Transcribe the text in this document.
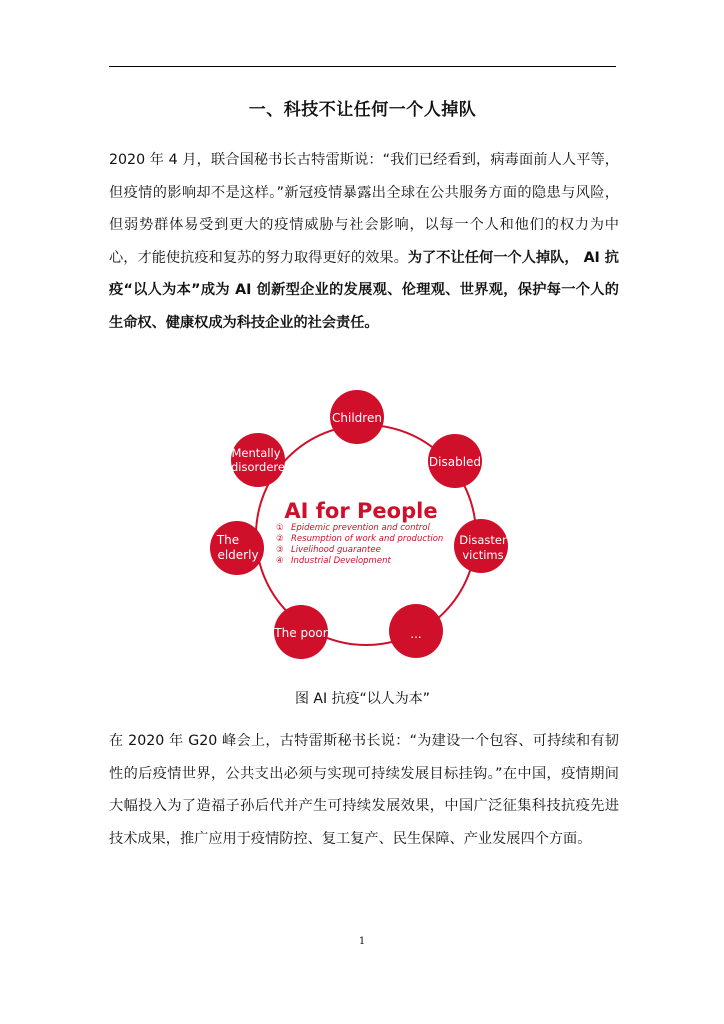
一、科技不让任何一个人掉队
2020 年 4 月，联合国秘书长古特雷斯说：“我们已经看到，病毒面前人人平等，但疫情的影响却不是这样。”新冠疫情暴露出全球在公共服务方面的隐患与风险，但弱势群体易受到更大的疫情威胁与社会影响，以每一个人和他们的权力为中心，才能使抗疫和复苏的努力取得更好的效果。为了不让任何一个人掉队， AI 抗疫“以人为本”成为 AI 创新型企业的发展观、伦理观、世界观，保护每一个人的生命权、健康权成为科技企业的社会责任。
Children
Disabled
Disaster
victims
...
The poor
The
elderly
Mentally
disordere
AI for People
① Epidemic prevention and control
② Resumption of work and production
③ Livelihood guarantee
④ Industrial Development
图 AI 抗疫“以人为本”
在 2020 年 G20 峰会上，古特雷斯秘书长说：“为建设一个包容、可持续和有韧性的后疫情世界，公共支出必须与实现可持续发展目标挂钩。”在中国，疫情期间大幅投入为了造福子孙后代并产生可持续发展效果，中国广泛征集科技抗疫先进技术成果，推广应用于疫情防控、复工复产、民生保障、产业发展四个方面。
1
